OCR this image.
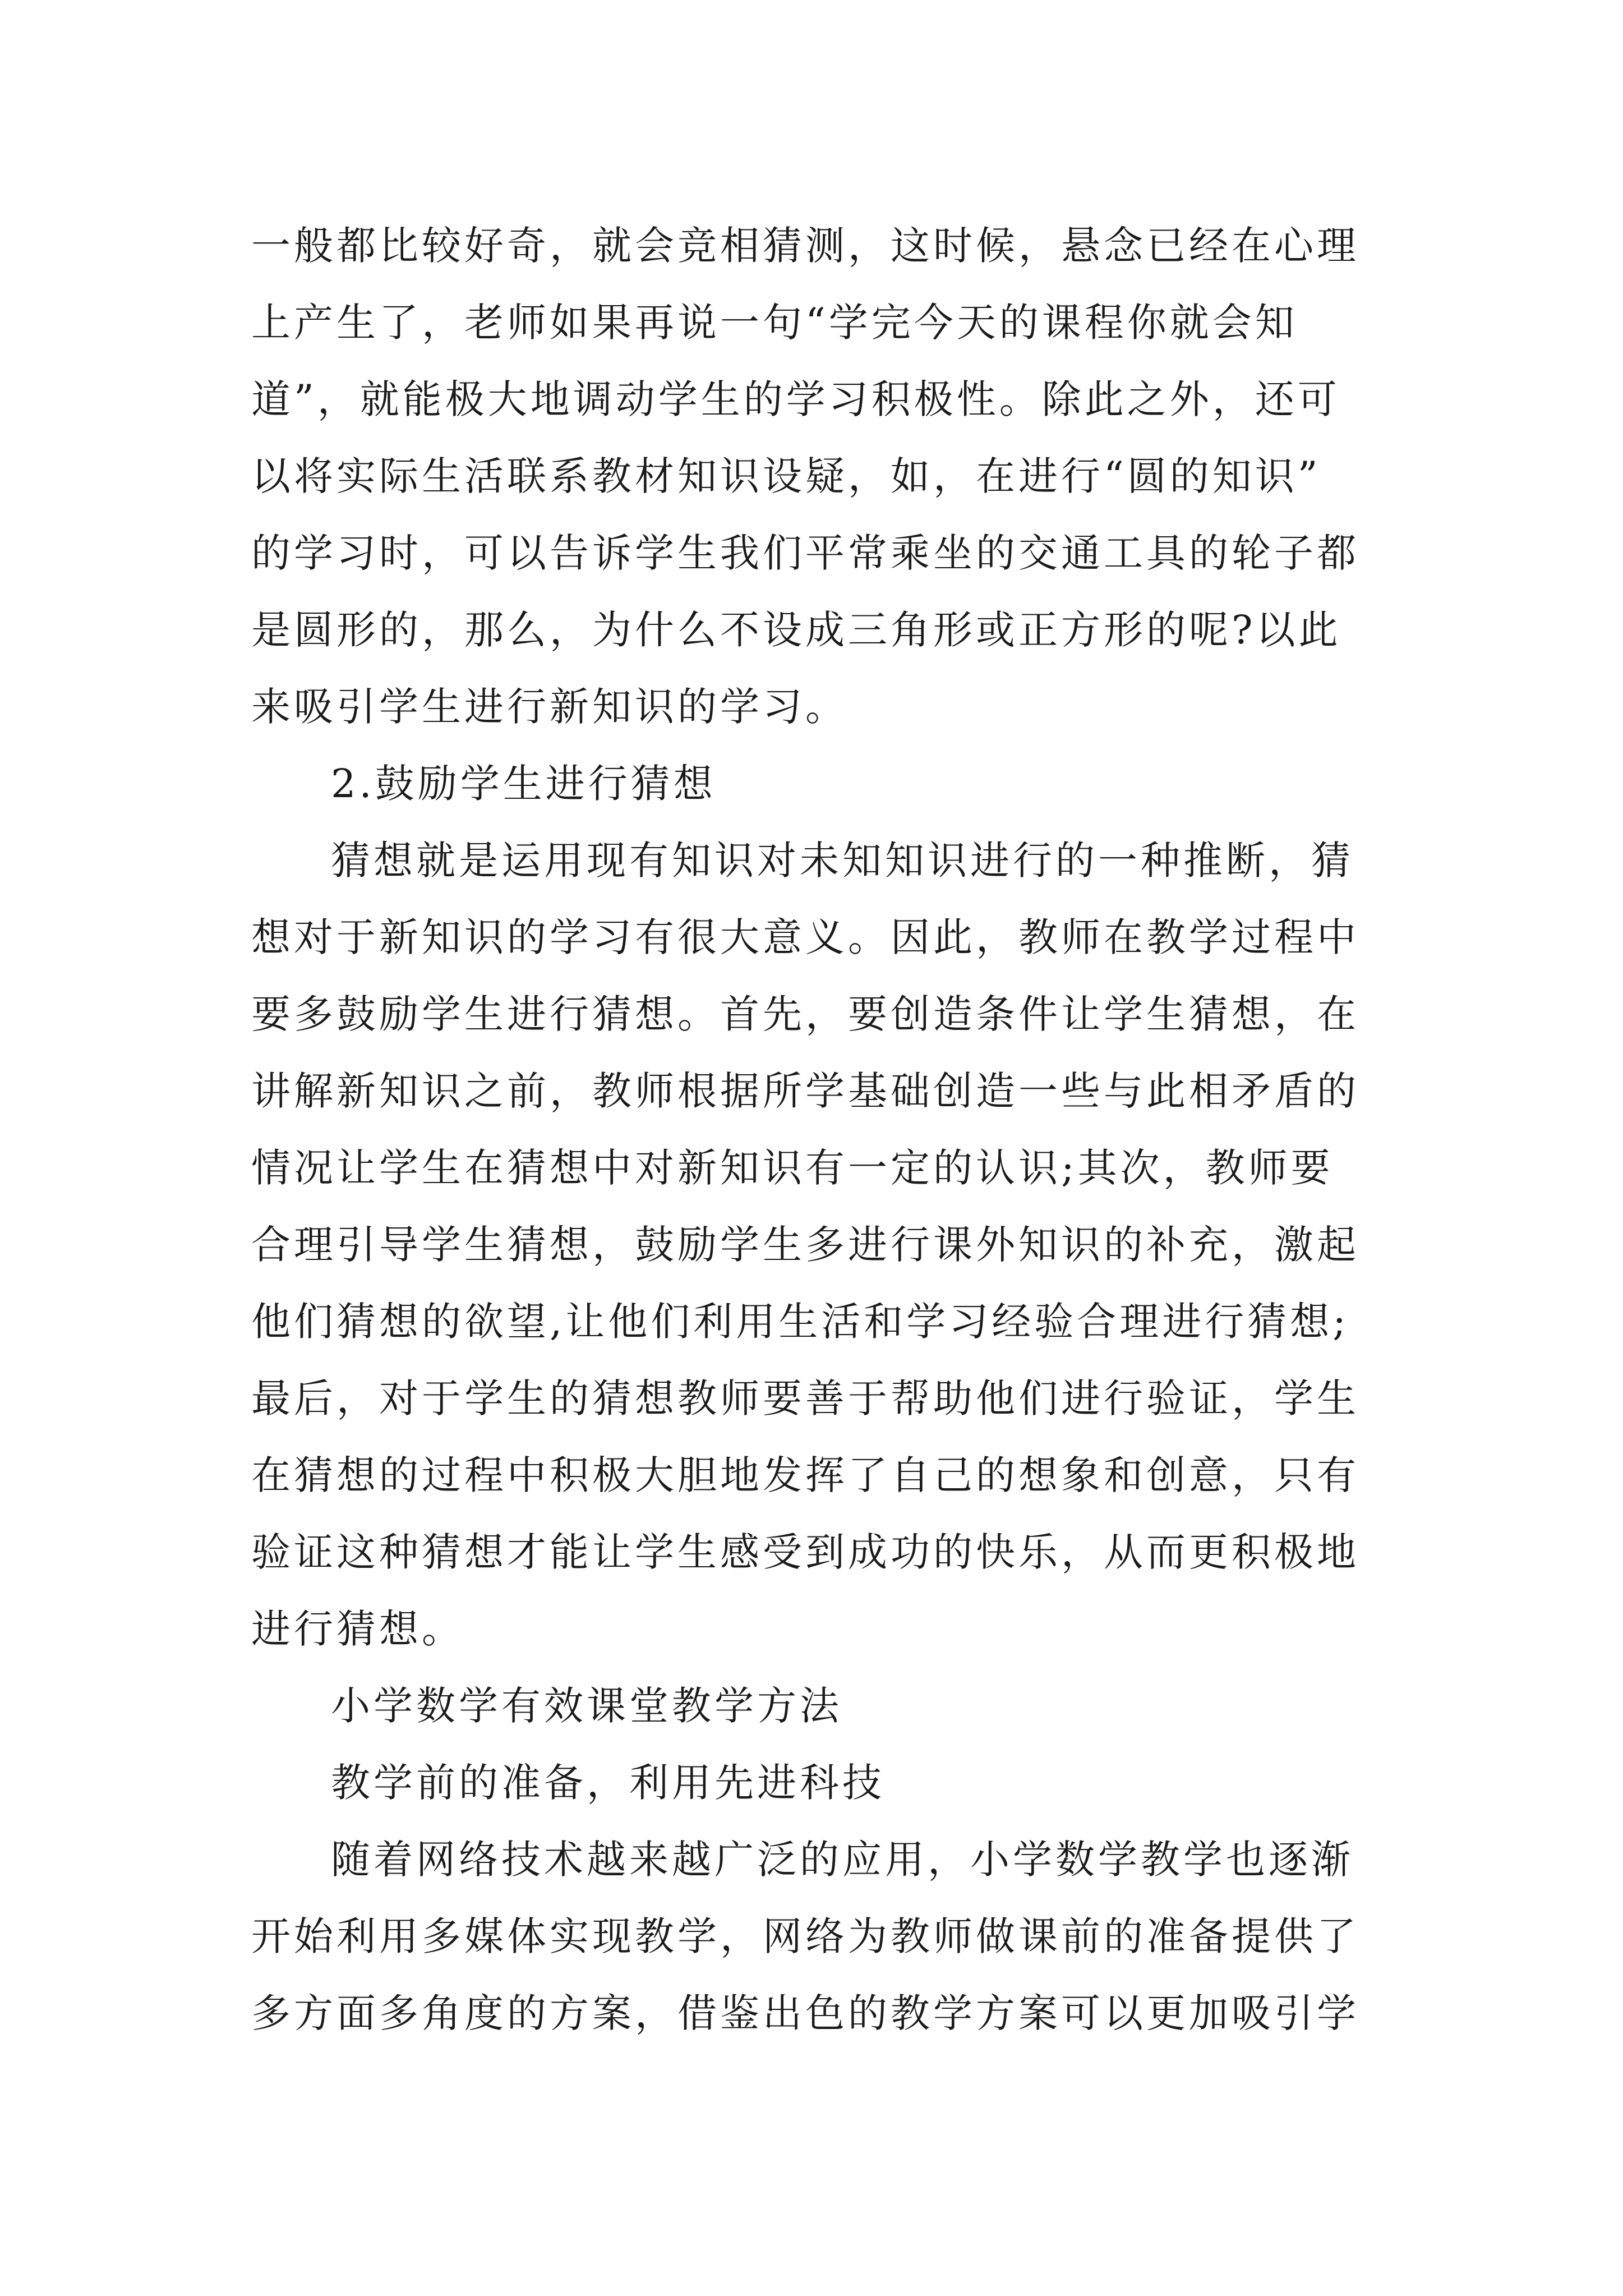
一般都比较好奇，就会竞相猜测，这时候，悬念已经在心理
上产生了，老师如果再说一句“学完今天的课程你就会知
道”，就能极大地调动学生的学习积极性。除此之外，还可
以将实际生活联系教材知识设疑，如，在进行“圆的知识”
的学习时，可以告诉学生我们平常乘坐的交通工具的轮子都
是圆形的，那么，为什么不设成三角形或正方形的呢?以此
来吸引学生进行新知识的学习。
2.鼓励学生进行猜想
猜想就是运用现有知识对未知知识进行的一种推断，猜
想对于新知识的学习有很大意义。因此，教师在教学过程中
要多鼓励学生进行猜想。首先，要创造条件让学生猜想，在
讲解新知识之前，教师根据所学基础创造一些与此相矛盾的
情况让学生在猜想中对新知识有一定的认识;其次，教师要
合理引导学生猜想，鼓励学生多进行课外知识的补充，激起
他们猜想的欲望,让他们利用生活和学习经验合理进行猜想;
最后，对于学生的猜想教师要善于帮助他们进行验证，学生
在猜想的过程中积极大胆地发挥了自己的想象和创意，只有
验证这种猜想才能让学生感受到成功的快乐，从而更积极地
进行猜想。
小学数学有效课堂教学方法
教学前的准备，利用先进科技
随着网络技术越来越广泛的应用，小学数学教学也逐渐
开始利用多媒体实现教学，网络为教师做课前的准备提供了
多方面多角度的方案，借鉴出色的教学方案可以更加吸引学
